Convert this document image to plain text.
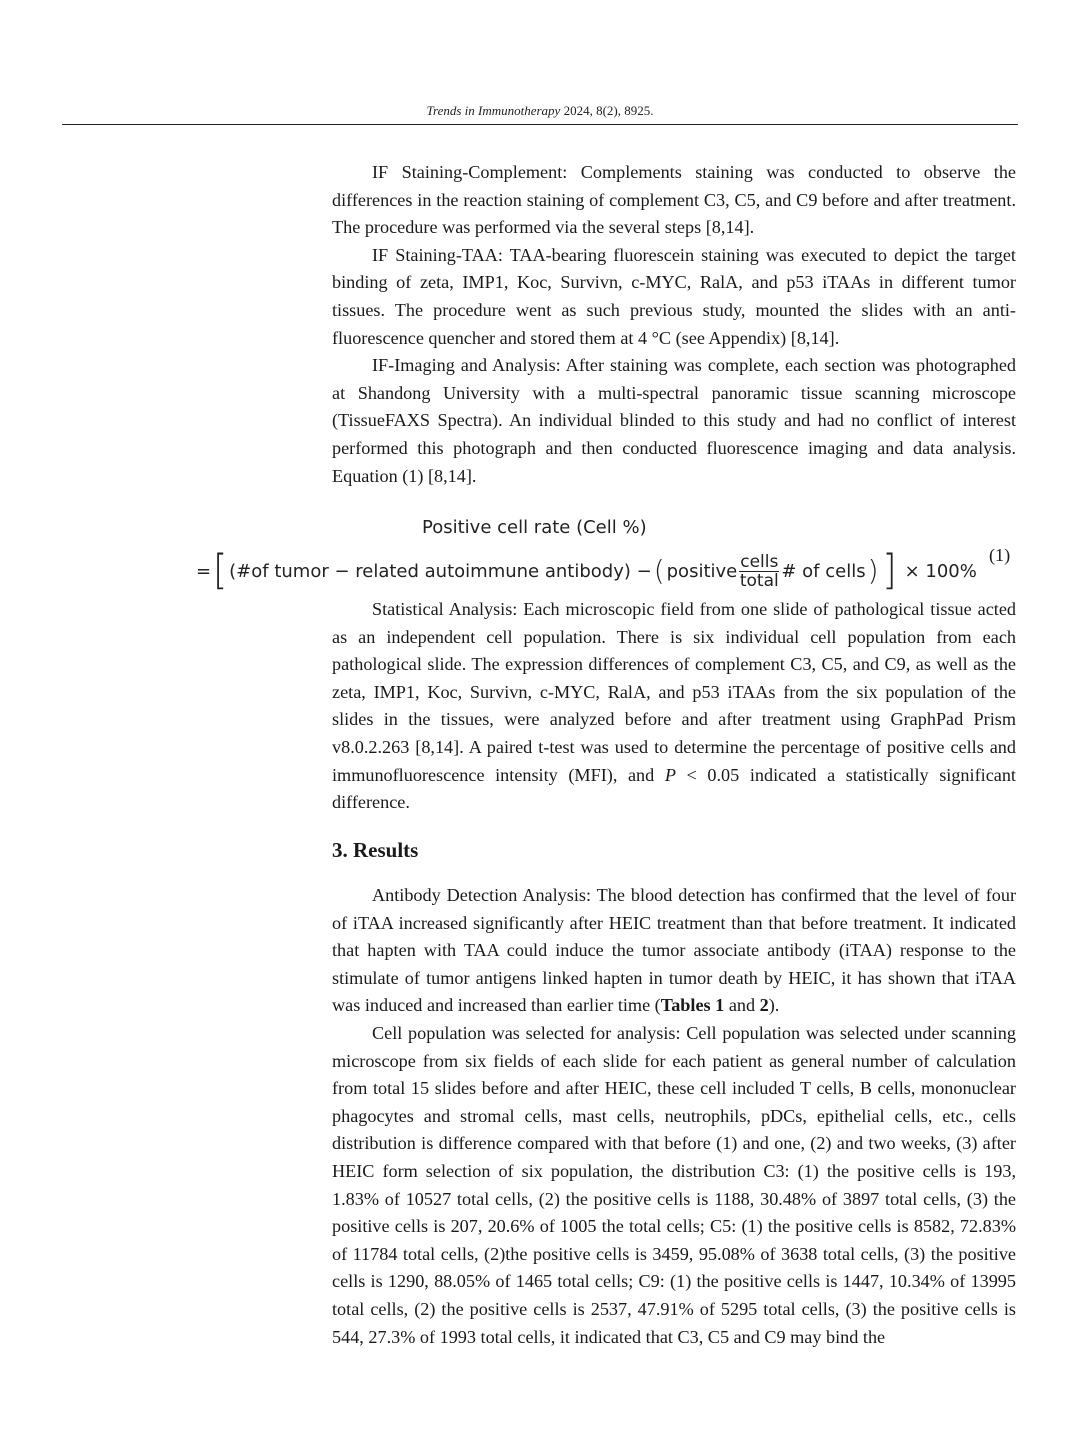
Trends in Immunotherapy 2024, 8(2), 8925.

IF Staining-Complement: Complements staining was conducted to observe the differences in the reaction staining of complement C3, C5, and C9 before and after treatment. The procedure was performed via the several steps [8,14].

IF Staining-TAA: TAA-bearing fluorescein staining was executed to depict the target binding of zeta, IMP1, Koc, Survivn, c-MYC, RalA, and p53 iTAAs in different tumor tissues. The procedure went as such previous study, mounted the slides with an anti-fluorescence quencher and stored them at 4 °C (see Appendix) [8,14].

IF-Imaging and Analysis: After staining was complete, each section was photographed at Shandong University with a multi-spectral panoramic tissue scanning microscope (TissueFAXS Spectra). An individual blinded to this study and had no conflict of interest performed this photograph and then conducted fluorescence imaging and data analysis. Equation (1) [8,14].

Positive cell rate (Cell %)
= [ (#of tumor − related autoimmune antibody) − ( positive $\frac{\text{cells}}{\text{total}}$ # of cells ) ] × 100%
(1)

Statistical Analysis: Each microscopic field from one slide of pathological tissue acted as an independent cell population. There is six individual cell population from each pathological slide. The expression differences of complement C3, C5, and C9, as well as the zeta, IMP1, Koc, Survivn, c-MYC, RalA, and p53 iTAAs from the six population of the slides in the tissues, were analyzed before and after treatment using GraphPad Prism v8.0.2.263 [8,14]. A paired t-test was used to determine the percentage of positive cells and immunofluorescence intensity (MFI), and P < 0.05 indicated a statistically significant difference.

3. Results

Antibody Detection Analysis: The blood detection has confirmed that the level of four of iTAA increased significantly after HEIC treatment than that before treatment. It indicated that hapten with TAA could induce the tumor associate antibody (iTAA) response to the stimulate of tumor antigens linked hapten in tumor death by HEIC, it has shown that iTAA was induced and increased than earlier time (Tables 1 and 2).

Cell population was selected for analysis: Cell population was selected under scanning microscope from six fields of each slide for each patient as general number of calculation from total 15 slides before and after HEIC, these cell included T cells, B cells, mononuclear phagocytes and stromal cells, mast cells, neutrophils, pDCs, epithelial cells, etc., cells distribution is difference compared with that before (1) and one, (2) and two weeks, (3) after HEIC form selection of six population, the distribution C3: (1) the positive cells is 193, 1.83% of 10527 total cells, (2) the positive cells is 1188, 30.48% of 3897 total cells, (3) the positive cells is 207, 20.6% of 1005 the total cells; C5: (1) the positive cells is 8582, 72.83% of 11784 total cells, (2)the positive cells is 3459, 95.08% of 3638 total cells, (3) the positive cells is 1290, 88.05% of 1465 total cells; C9: (1) the positive cells is 1447, 10.34% of 13995 total cells, (2) the positive cells is 2537, 47.91% of 5295 total cells, (3) the positive cells is 544, 27.3% of 1993 total cells, it indicated that C3, C5 and C9 may bind the
